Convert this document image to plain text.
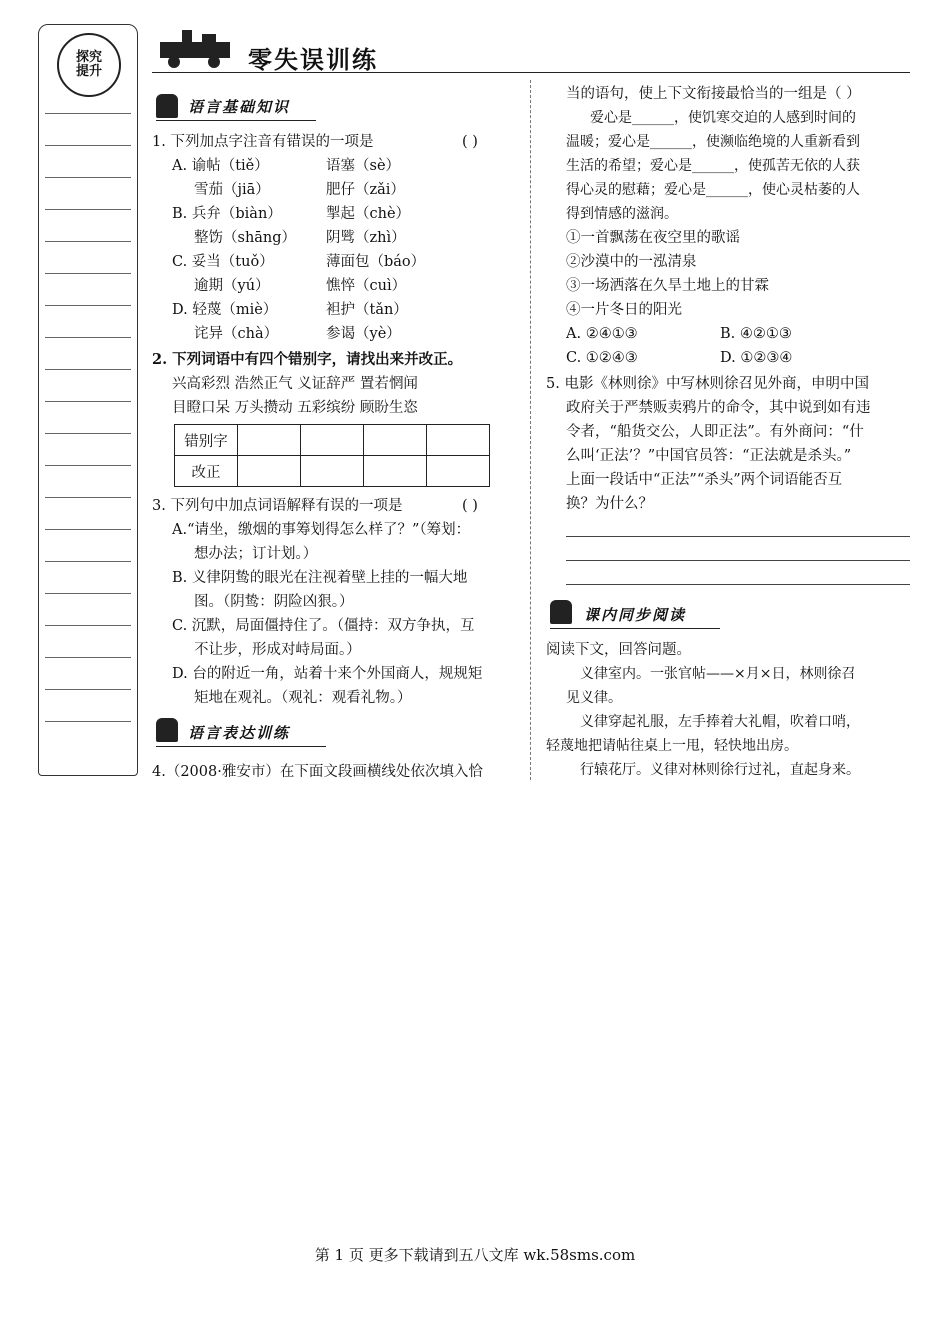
探究提升	零失误训练
语言基础知识
1. 下列加点字注音有错误的一项是	( )
A. 谕帖（tiě）	语塞（sè）
雪茄（jiā）	肥仔（zǎi）
B. 兵弁（biàn）	掣起（chè）
整饬（shāng） 阴骘（zhì）
C. 妥当（tuǒ）	薄面包（báo）
逾期（yú）	憔悴（cuì）
D. 轻蔑（miè）	袒护（tǎn）
诧异（chà）	参谒（yè）
2. 下列词语中有四个错别字，请找出来并改正。
兴高彩烈 浩然正气 义证辞严 置若惘闻
目瞪口呆 万头攒动 五彩缤纷 顾盼生恣
错别字				
改正				
3. 下列句中加点词语解释有误的一项是	( )
A.“请坐，缴烟的事筹划得怎么样了？”（筹划：
想办法；订计划。）
B. 义律阴鸷的眼光在注视着壁上挂的一幅大地
图。（阴鸷：阴险凶狠。）
C. 沉默，局面僵持住了。（僵持：双方争执，互
不让步，形成对峙局面。）
D. 台的附近一角，站着十来个外国商人，规规矩
矩地在观礼。（观礼：观看礼物。）
语言表达训练
4.（2008·雅安市）在下面文段画横线处依次填入恰
当的语句，使上下文衔接最恰当的一组是（ ）
爱心是______，使饥寒交迫的人感到时间的
温暖；爱心是______，使濒临绝境的人重新看到
生活的希望；爱心是______，使孤苦无依的人获
得心灵的慰藉；爱心是______，使心灵枯萎的人
得到情感的滋润。
①一首飘荡在夜空里的歌谣
②沙漠中的一泓清泉
③一场洒落在久旱土地上的甘霖
④一片冬日的阳光
A. ②④①③	B. ④②①③
C. ①②④③	D. ①②③④
5. 电影《林则徐》中写林则徐召见外商，申明中国
政府关于严禁贩卖鸦片的命令，其中说到如有违
令者，“船货交公，人即正法”。有外商问：“什
么叫‘正法’？”中国官员答：“正法就是杀头。”
上面一段话中“正法”“杀头”两个词语能否互
换？为什么？
课内同步阅读
阅读下文，回答问题。
义律室内。一张官帖——×月×日，林则徐召
见义律。
义律穿起礼服，左手捧着大礼帽，吹着口哨，
轻蔑地把请帖往桌上一甩，轻快地出房。
行辕花厅。义律对林则徐行过礼，直起身来。
第 1 页 更多下载请到五八文库 wk.58sms.com
